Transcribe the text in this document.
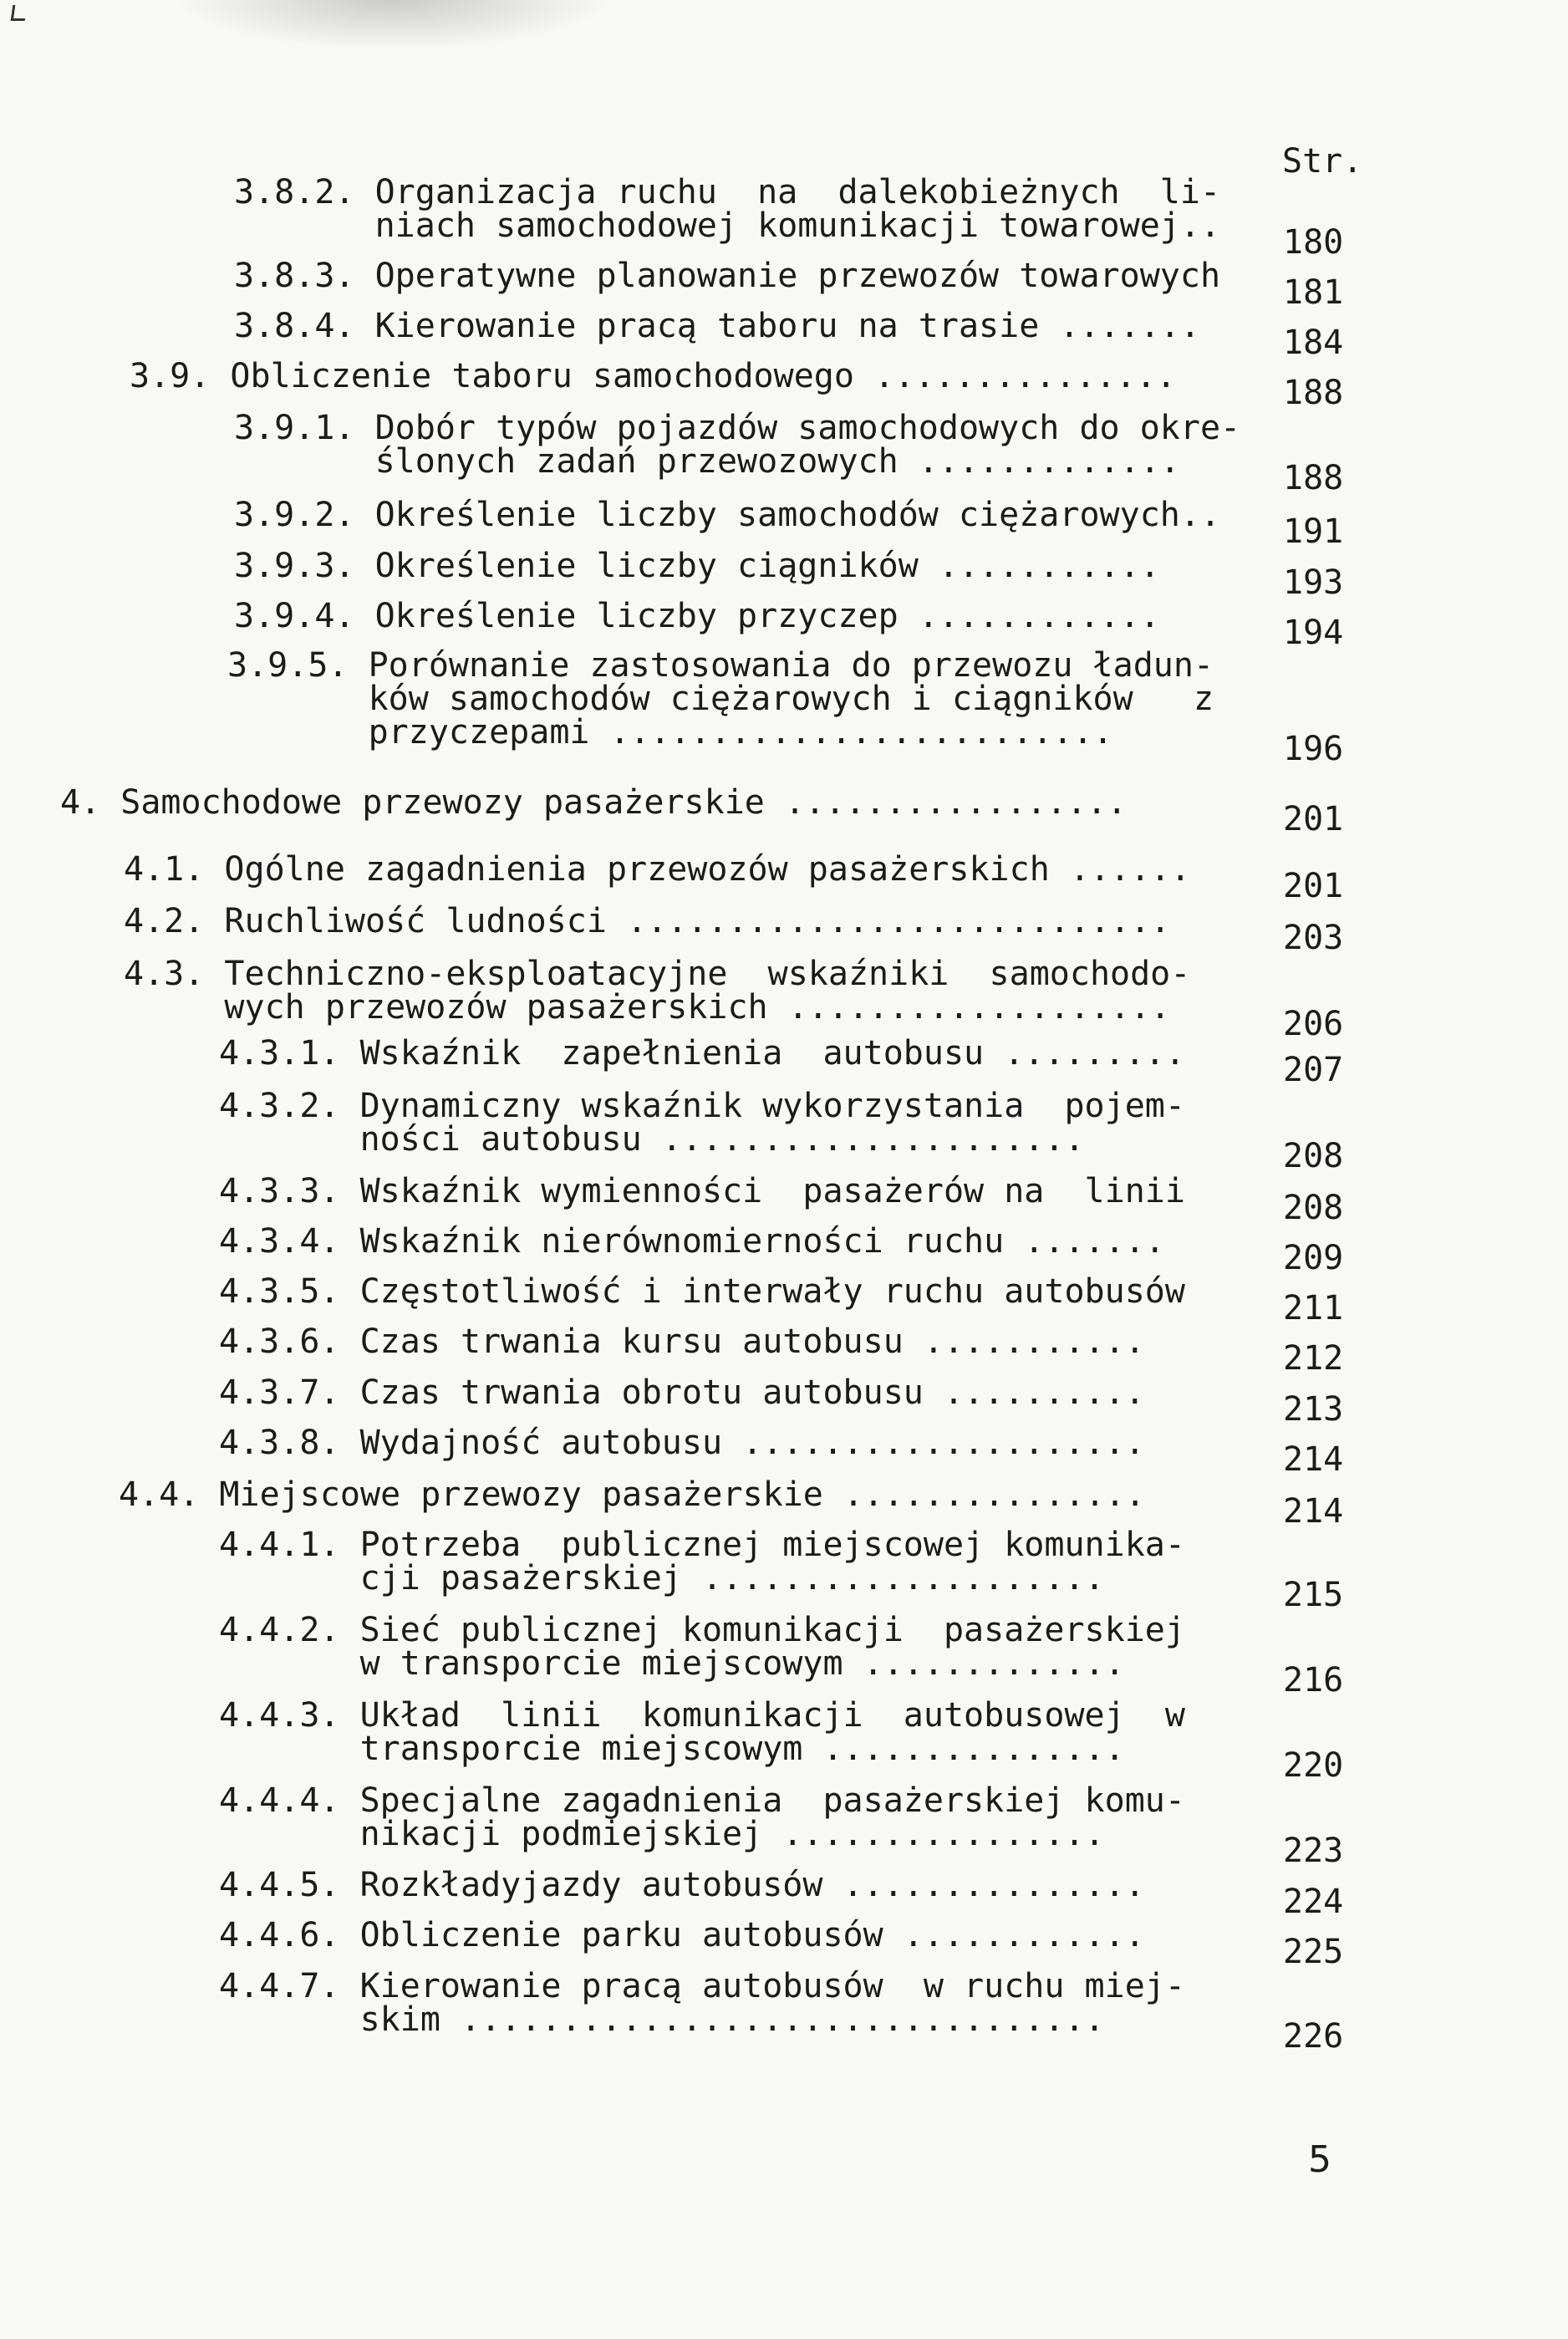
Str.
3.8.2. Organizacja ruchu  na  dalekobieżnych  li-
niach samochodowej komunikacji towarowej.. 180
3.8.3. Operatywne planowanie przewozów towarowych 181
3.8.4. Kierowanie pracą taboru na trasie ....... 184
3.9. Obliczenie taboru samochodowego ...............	188
3.9.1. Dobór typów pojazdów samochodowych do okre-
ślonych zadań przewozowych .............	188
3.9.2. Określenie liczby samochodów ciężarowych.. 191
3.9.3. Określenie liczby ciągników ...........	193
3.9.4. Określenie liczby przyczep ............	194
3.9.5. Porównanie zastosowania do przewozu ładun-
ków samochodów ciężarowych i ciągników   z
przyczepami .........................	196
4. Samochodowe przewozy pasażerskie .................	201
4.1. Ogólne zagadnienia przewozów pasażerskich ......	201
4.2. Ruchliwość ludności ...........................	203
4.3. Techniczno-eksploatacyjne  wskaźniki  samochodo-
wych przewozów pasażerskich ...................	206
4.3.1. Wskaźnik  zapełnienia  autobusu .........	207
4.3.2. Dynamiczny wskaźnik wykorzystania  pojem-
ności autobusu .....................	208
4.3.3. Wskaźnik wymienności  pasażerów na  linii	208
4.3.4. Wskaźnik nierównomierności ruchu .......	209
4.3.5. Częstotliwość i interwały ruchu autobusów	211
4.3.6. Czas trwania kursu autobusu ...........	212
4.3.7. Czas trwania obrotu autobusu ..........	213
4.3.8. Wydajność autobusu ....................	214
4.4. Miejscowe przewozy pasażerskie ...............	214
4.4.1. Potrzeba  publicznej miejscowej komunika-
cji pasażerskiej ....................	215
4.4.2. Sieć publicznej komunikacji  pasażerskiej
w transporcie miejscowym .............	216
4.4.3. Układ  linii  komunikacji  autobusowej  w
transporcie miejscowym ...............	220
4.4.4. Specjalne zagadnienia  pasażerskiej komu-
nikacji podmiejskiej ................	223
4.4.5. Rozkładyjazdy autobusów ...............	224
4.4.6. Obliczenie parku autobusów ............	225
4.4.7. Kierowanie pracą autobusów  w ruchu miej-
skim ................................	226
5
